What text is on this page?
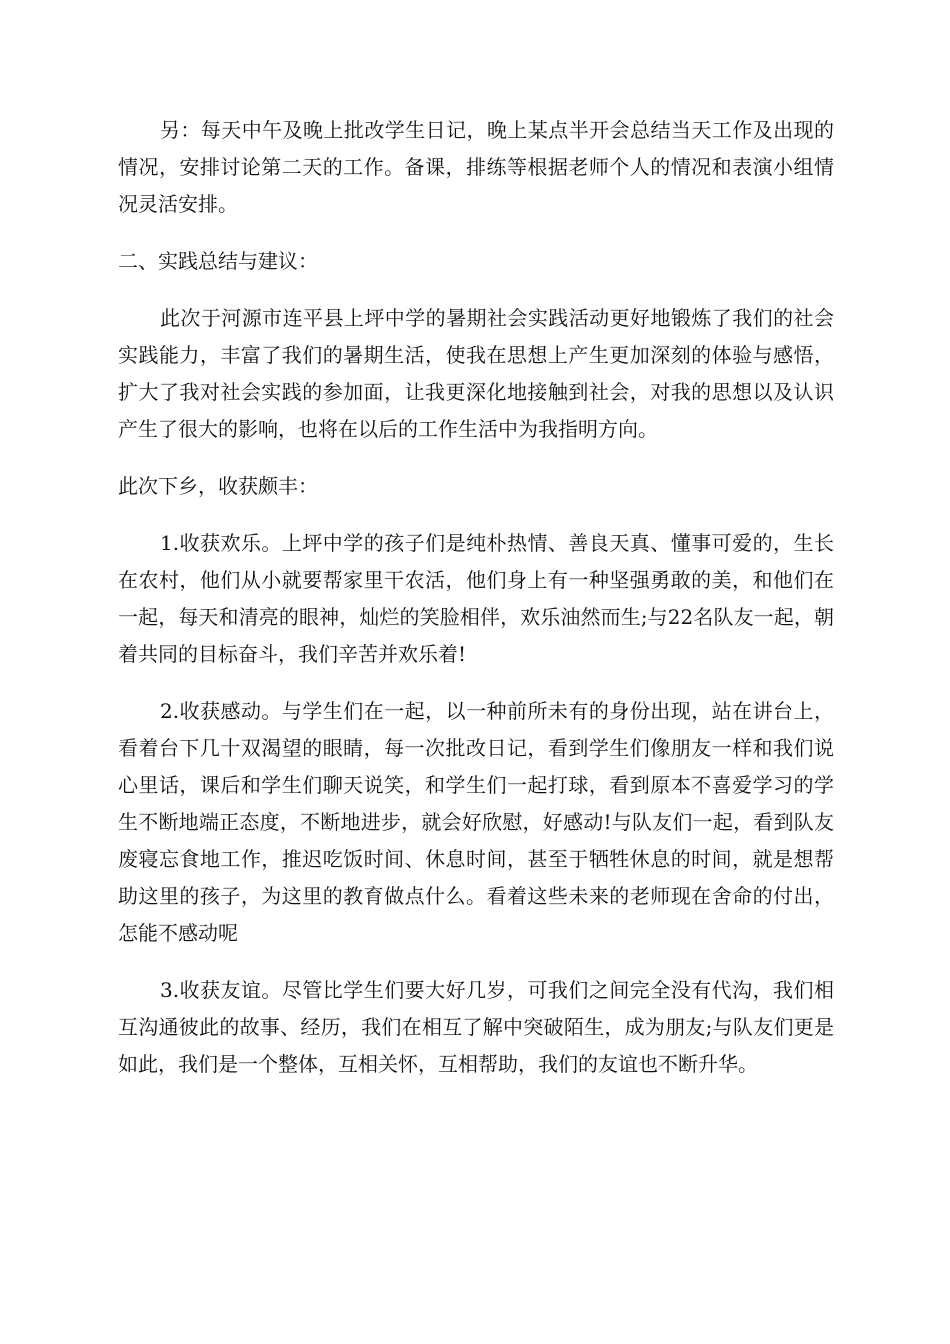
另：每天中午及晚上批改学生日记，晚上某点半开会总结当天工作及出现的情况，安排讨论第二天的工作。备课，排练等根据老师个人的情况和表演小组情况灵活安排。

二、实践总结与建议：

此次于河源市连平县上坪中学的暑期社会实践活动更好地锻炼了我们的社会实践能力，丰富了我们的暑期生活，使我在思想上产生更加深刻的体验与感悟，扩大了我对社会实践的参加面，让我更深化地接触到社会，对我的思想以及认识产生了很大的影响，也将在以后的工作生活中为我指明方向。

此次下乡，收获颇丰：

1.收获欢乐。上坪中学的孩子们是纯朴热情、善良天真、懂事可爱的，生长在农村，他们从小就要帮家里干农活，他们身上有一种坚强勇敢的美，和他们在一起，每天和清亮的眼神，灿烂的笑脸相伴，欢乐油然而生;与22名队友一起，朝着共同的目标奋斗，我们辛苦并欢乐着!

2.收获感动。与学生们在一起，以一种前所未有的身份出现，站在讲台上，看着台下几十双渴望的眼睛，每一次批改日记，看到学生们像朋友一样和我们说心里话，课后和学生们聊天说笑，和学生们一起打球，看到原本不喜爱学习的学生不断地端正态度，不断地进步，就会好欣慰，好感动!与队友们一起，看到队友废寝忘食地工作，推迟吃饭时间、休息时间，甚至于牺牲休息的时间，就是想帮助这里的孩子，为这里的教育做点什么。看着这些未来的老师现在舍命的付出，怎能不感动呢

3.收获友谊。尽管比学生们要大好几岁，可我们之间完全没有代沟，我们相互沟通彼此的故事、经历，我们在相互了解中突破陌生，成为朋友;与队友们更是如此，我们是一个整体，互相关怀，互相帮助，我们的友谊也不断升华。
